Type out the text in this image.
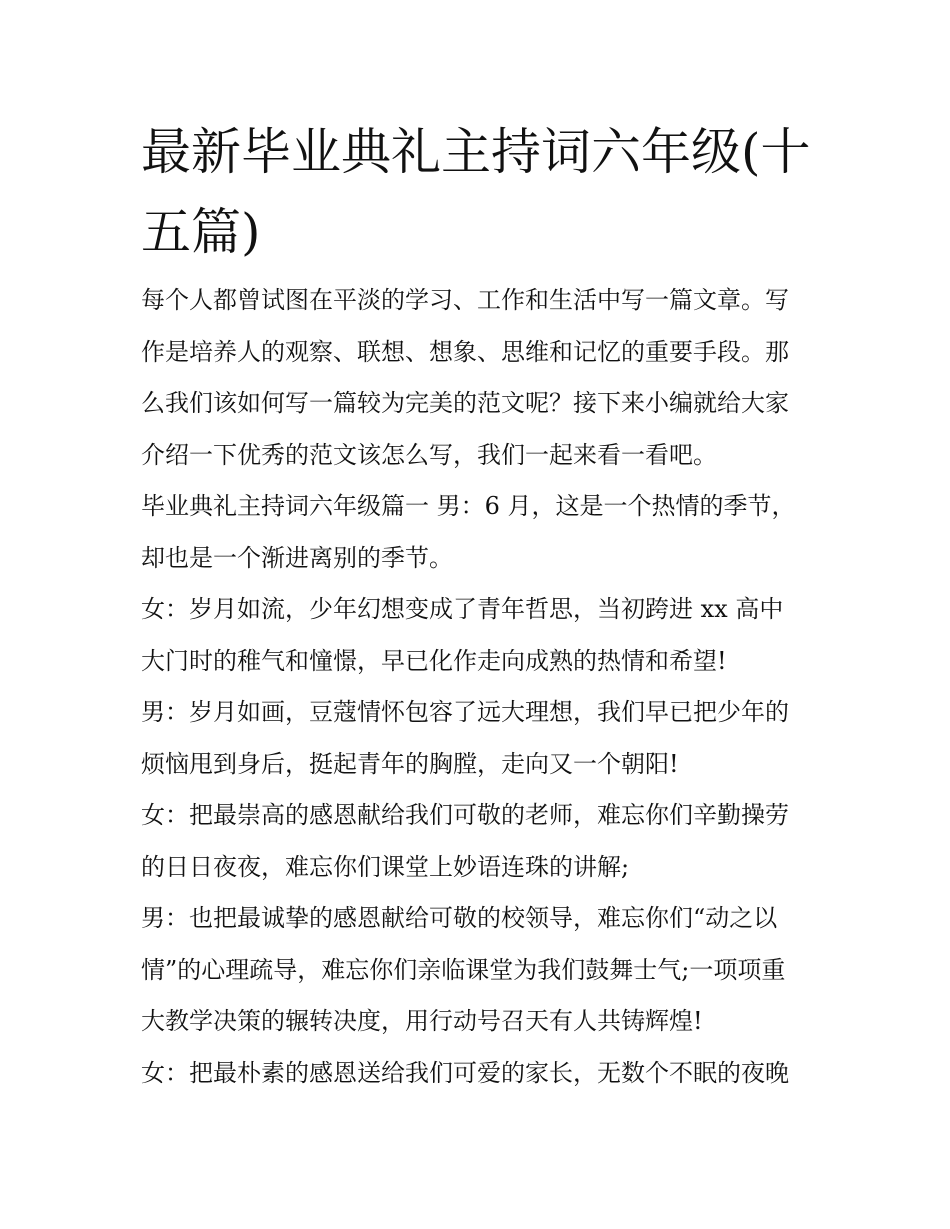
最新毕业典礼主持词六年级(十五篇)

每个人都曾试图在平淡的学习、工作和生活中写一篇文章。写
作是培养人的观察、联想、想象、思维和记忆的重要手段。那
么我们该如何写一篇较为完美的范文呢？接下来小编就给大家
介绍一下优秀的范文该怎么写，我们一起来看一看吧。

毕业典礼主持词六年级篇一 男：6 月，这是一个热情的季节，
却也是一个渐进离别的季节。

女：岁月如流，少年幻想变成了青年哲思，当初跨进 xx 高中
大门时的稚气和憧憬，早已化作走向成熟的热情和希望!

男：岁月如画，豆蔻情怀包容了远大理想，我们早已把少年的
烦恼甩到身后，挺起青年的胸膛，走向又一个朝阳!

女：把最崇高的感恩献给我们可敬的老师，难忘你们辛勤操劳
的日日夜夜，难忘你们课堂上妙语连珠的讲解;

男：也把最诚挚的感恩献给可敬的校领导，难忘你们“动之以
情”的心理疏导，难忘你们亲临课堂为我们鼓舞士气;一项项重
大教学决策的辗转决度，用行动号召天有人共铸辉煌!

女：把最朴素的感恩送给我们可爱的家长，无数个不眠的夜晚
